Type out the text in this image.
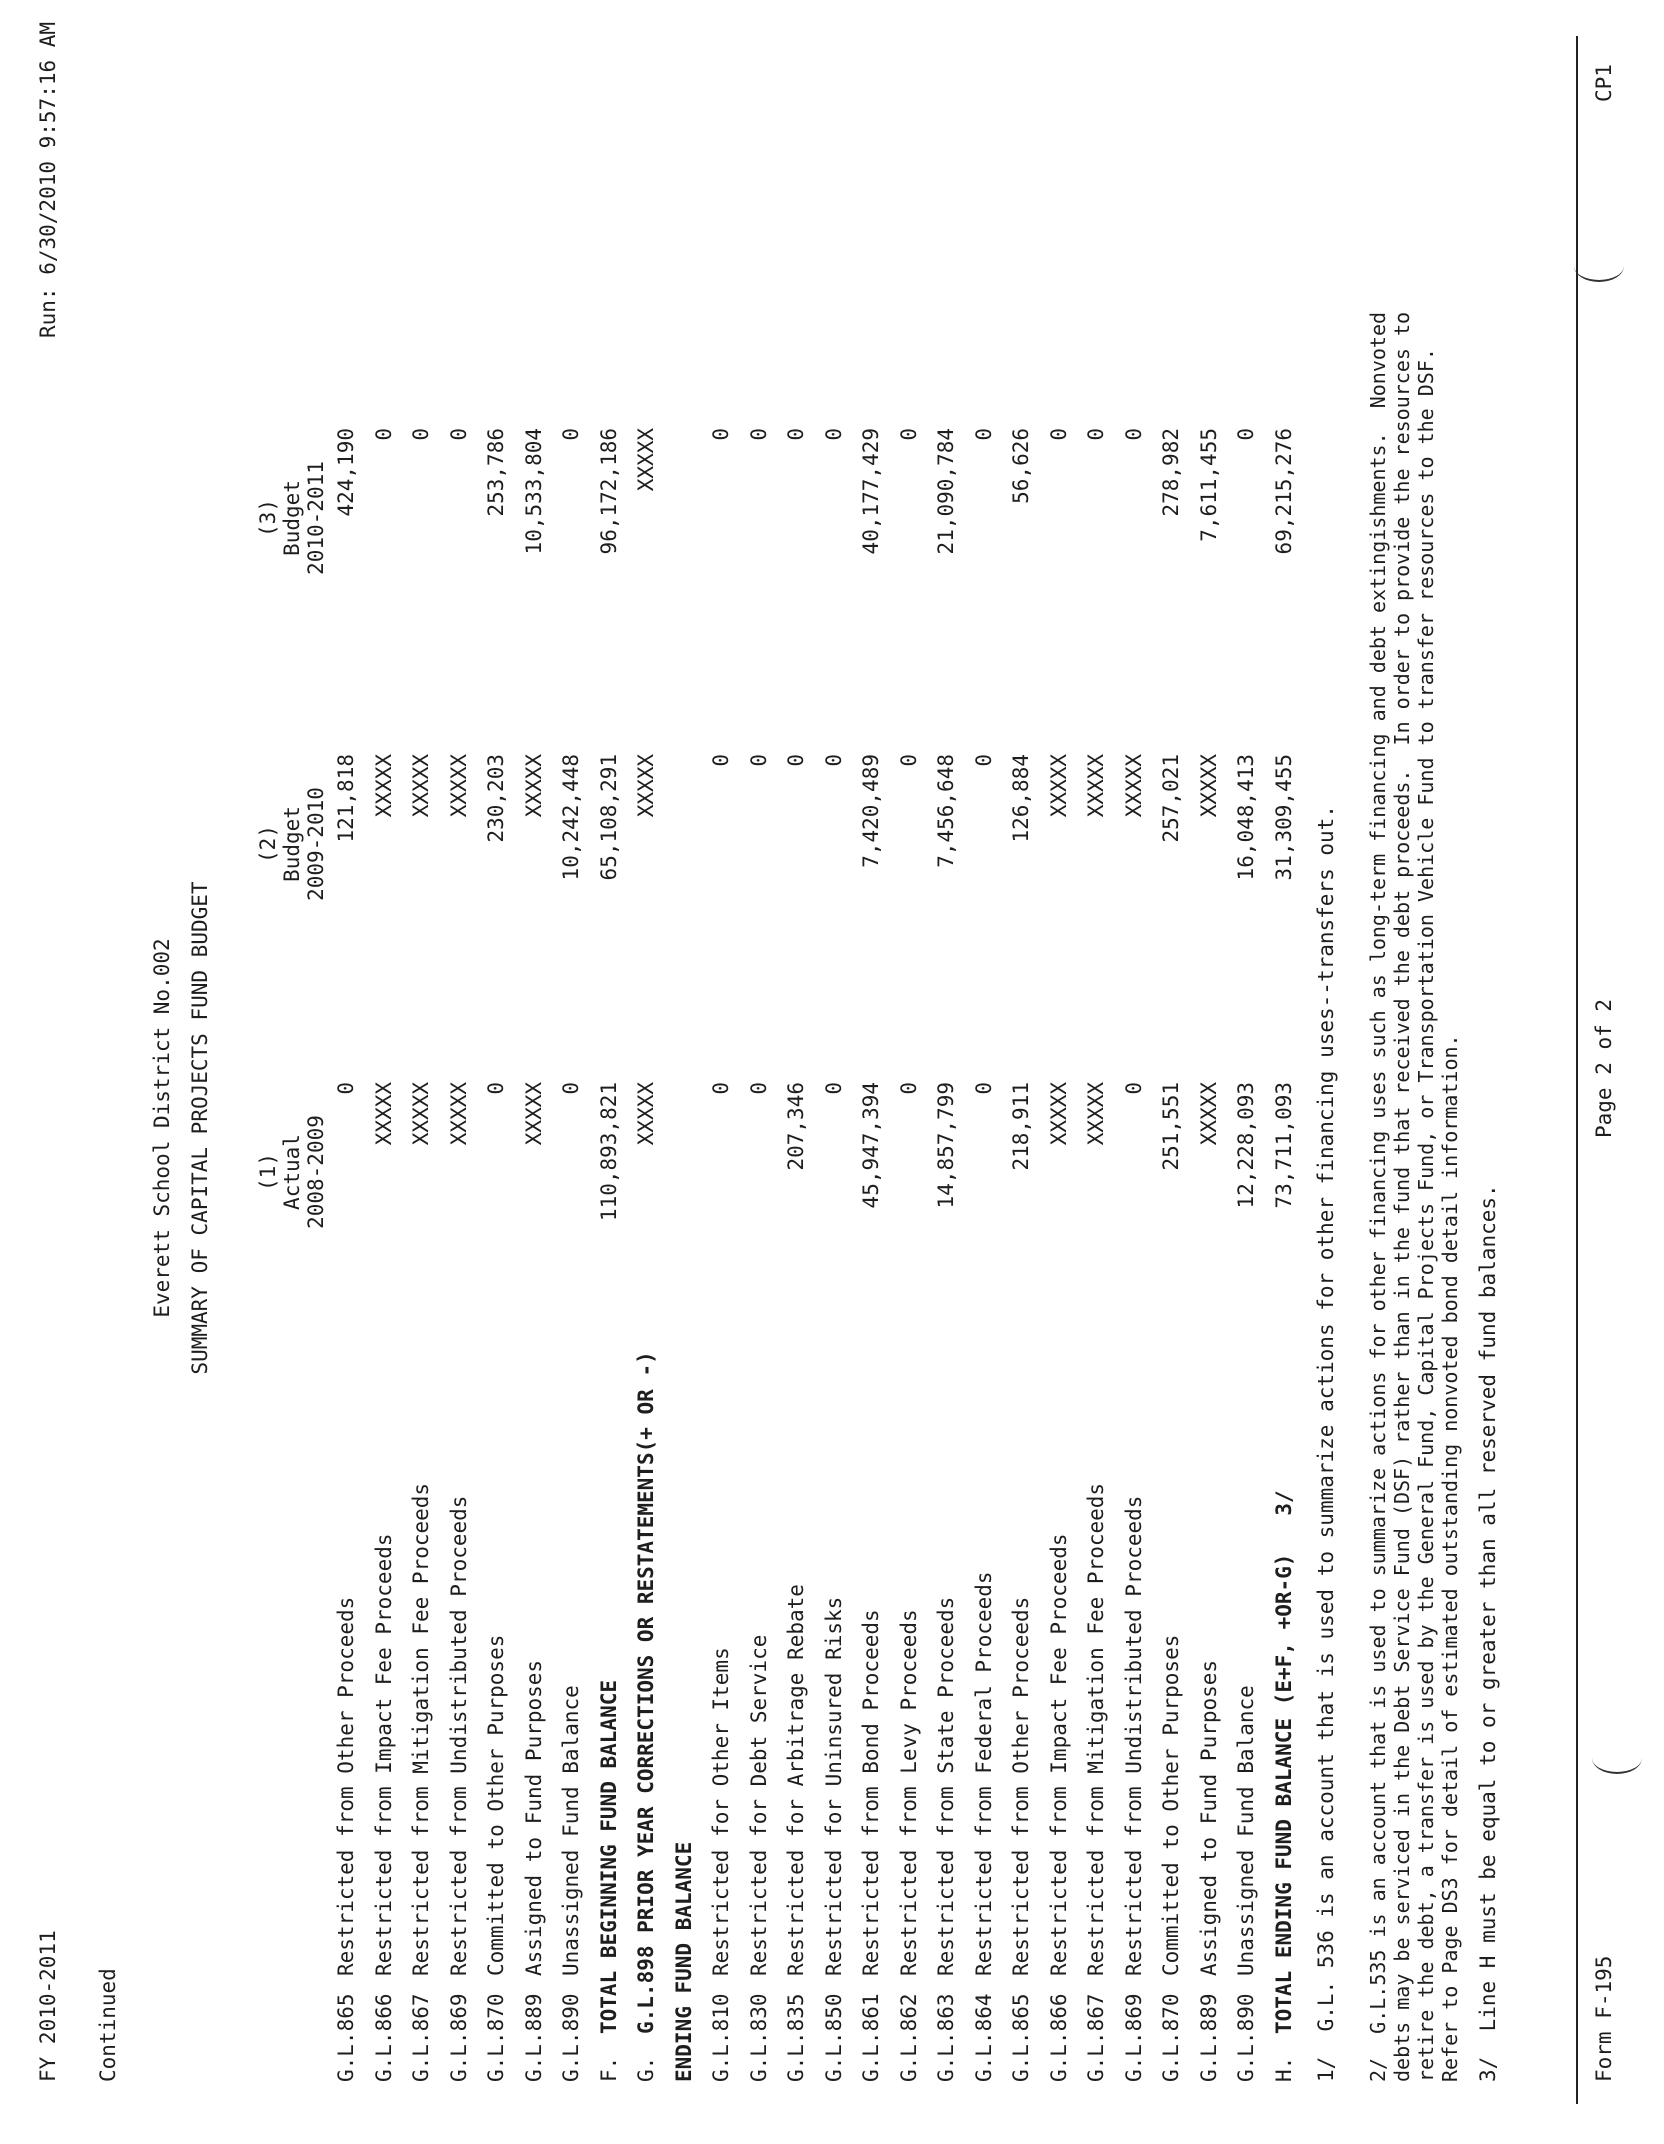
FY 2010-2011 Continued
Run: 6/30/2010 9:57:16 AM
Everett School District No.002 SUMMARY OF CAPITAL PROJECTS FUND BUDGET (1) Actual 2008-2009
(2) Budget 2009-2010
(3) Budget 2010-2011
G.L.865
Restricted from Other Proceeds
0
121,818
424,190
G.L.866
Restricted from Impact Fee Proceeds
XXXXX
XXXXX
0
G.L.867
Restricted from Mitigation Fee Proceeds
XXXXX
XXXXX
0
G.L.869
Restricted from Undistributed Proceeds
XXXXX
XXXXX
0
G.L.870
Committed to Other Purposes
0
230,203
253,786
G.L.889
Assigned to Fund Purposes
XXXXX
XXXXX
10,533,804
G.L.890
Unassigned Fund Balance
0
10,242,448
0
F.
TOTAL BEGINNING FUND BALANCE
110,893,821
65,108,291
96,172,186
G.
G.L.898 PRIOR YEAR CORRECTIONS OR RESTATEMENTS(+ OR -)
XXXXX
XXXXX
XXXXX
ENDING FUND BALANCE G.L.810
Restricted for Other Items
0
0
0
G.L.830
Restricted for Debt Service
0
0
0
G.L.835
Restricted for Arbitrage Rebate
207,346
0
0
G.L.850
Restricted for Uninsured Risks
0
0
0
G.L.861
Restricted from Bond Proceeds
45,947,394
7,420,489
40,177,429
G.L.862
Restricted from Levy Proceeds
0
0
0
G.L.863
Restricted from State Proceeds
14,857,799
7,456,648
21,090,784
G.L.864
Restricted from Federal Proceeds
0
0
0
G.L.865
Restricted from Other Proceeds
218,911
126,884
56,626
G.L.866
Restricted from Impact Fee Proceeds
XXXXX
XXXXX
0
G.L.867
Restricted from Mitigation Fee Proceeds
XXXXX
XXXXX
0
G.L.869
Restricted from Undistributed Proceeds
0
XXXXX
0
G.L.870
Committed to Other Purposes
251,551
257,021
278,982
G.L.889
Assigned to Fund Purposes
XXXXX
XXXXX
7,611,455
G.L.890
Unassigned Fund Balance
12,228,093
16,048,413
0
H.
TOTAL ENDING FUND BALANCE (E+F, +OR-G)   3/
73,711,093
31,309,455
69,215,276
1/  G.L. 536 is an account that is used to summarize actions for other financing uses--transfers out. 2/  G.L.535 is an account that is used to summarize actions for other financing uses such as long-term financing and debt extingishments.  Nonvoted debts may be serviced in the Debt Service Fund (DSF) rather than in the fund that received the debt proceeds.  In order to provide the resources to retire the debt, a transfer is used by the General Fund, Capital Projects Fund, or Transportation Vehicle Fund to transfer resources to the DSF. Refer to Page DS3 for detail of estimated outstanding nonvoted bond detail information. 3/  Line H must be equal to or greater than all reserved fund balances.	Form F-195
Page 2 of 2
CP1
